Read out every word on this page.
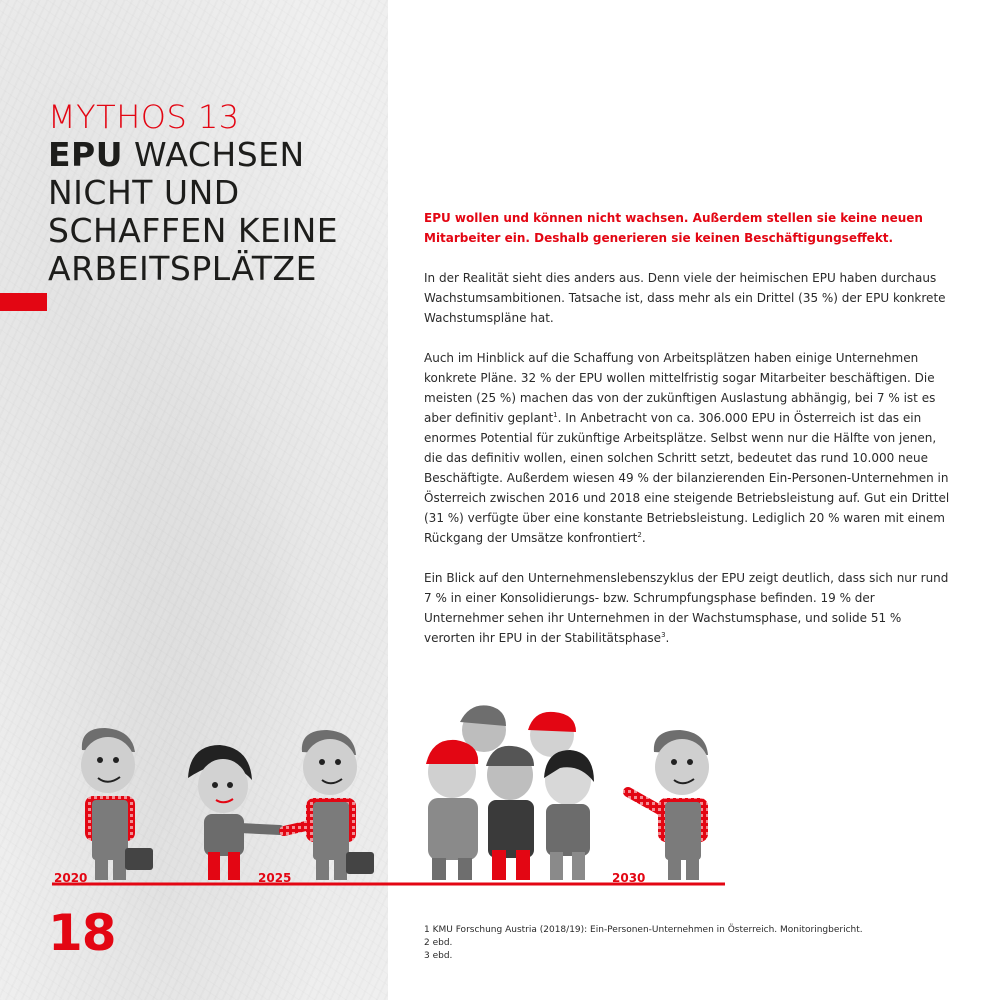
MYTHOS 13
EPU WACHSEN
NICHT UND
SCHAFFEN KEINE
ARBEITSPLÄTZE

EPU wollen und können nicht wachsen. Außerdem stellen sie keine neuen Mitarbeiter ein. Deshalb generieren sie keinen Beschäftigungseffekt.

In der Realität sieht dies anders aus. Denn viele der heimischen EPU haben durchaus Wachstumsambitionen. Tatsache ist, dass mehr als ein Drittel (35 %) der EPU konkrete Wachstumspläne hat.

Auch im Hinblick auf die Schaffung von Arbeitsplätzen haben einige Unternehmen konkrete Pläne. 32 % der EPU wollen mittelfristig sogar Mitarbeiter beschäftigen. Die meisten (25 %) machen das von der zukünftigen Auslastung abhängig, bei 7 % ist es aber definitiv geplant$^1$. In Anbetracht von ca. 306.000 EPU in Österreich ist das ein enormes Potential für zukünftige Arbeitsplätze. Selbst wenn nur die Hälfte von jenen, die das definitiv wollen, einen solchen Schritt setzt, bedeutet das rund 10.000 neue Beschäftigte. Außerdem wiesen 49 % der bilanzierenden Ein-Personen-Unternehmen in Österreich zwischen 2016 und 2018 eine steigende Betriebsleistung auf. Gut ein Drittel (31 %) verfügte über eine konstante Betriebsleistung. Lediglich 20 % waren mit einem Rückgang der Umsätze konfrontiert$^2$.

Ein Blick auf den Unternehmenslebenszyklus der EPU zeigt deutlich, dass sich nur rund 7 % in einer Konsolidierungs- bzw. Schrumpfungsphase befinden. 19 % der Unternehmer sehen ihr Unternehmen in der Wachstumsphase, und solide 51 % verorten ihr EPU in der Stabilitätsphase$^3$.

2020	2025	2030
18	1 KMU Forschung Austria (2018/19): Ein-Personen-Unternehmen in Österreich. Monitoringbericht.
2 ebd.
3 ebd.
